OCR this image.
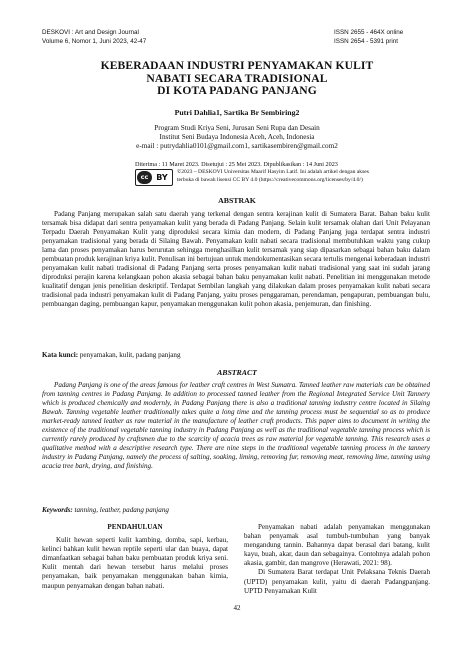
DESKOVI : Art and Design Journal
Volume 6, Nomor 1, Juni 2023, 42-47
ISSN 2655 - 464X online
ISSN 2654 - 5391 print
KEBERADAAN INDUSTRI PENYAMAKAN KULIT
NABATI SECARA TRADISIONAL
DI KOTA PADANG PANJANG
Putri Dahlia1, Sartika Br Sembiring2
Program Studi Kriya Seni, Jurusan Seni Rupa dan Desain
Institut Seni Budaya Indonesia Aceh, Aceh, Indonesia
e-mail : putrydahlia0101@gmail.com1, sartikasembiren@gmail.com2
Diterima : 11 Maret 2023. Disetujui : 25 Mei 2023. Dipublikasikan : 14 Juni 2023
cc BY
©2023 – DESKOVI Universitas Maarif Hasyim Latif. Ini adalah artikel dengan akses
terbuka di bawah lisensi CC BY 4.0 (https://creativecommons.org/licenses/by/4.0/)
ABSTRAK

Padang Panjang merupakan salah satu daerah yang terkenal dengan sentra kerajinan kulit di Sumatera Barat. Bahan baku kulit tersamak bisa didapat dari sentra penyamakan kulit yang berada di Padang Panjang. Selain kulit tersamak olahan dari Unit Pelayanan Terpadu Daerah Penyamakan Kulit yang diproduksi secara kimia dan modern, di Padang Panjang juga terdapat sentra industri penyamakan tradisional yang berada di Silaing Bawah. Penyamakan kulit nabati secara tradisional membutuhkan waktu yang cukup lama dan proses penyamakan harus berurutan sehingga menghasilkan kulit tersamak yang siap dipasarkan sebagai bahan baku dalam pembuatan produk kerajinan kriya kulit. Penulisan ini bertujuan untuk mendokumentasikan secara tertulis mengenai keberadaan industri penyamakan kulit nabati tradisional di Padang Panjang serta proses penyamakan kulit nabati tradisional yang saat ini sudah jarang diproduksi perajin karena kelangkaan pohon akasia sebagai bahan baku penyamakan kulit nabati. Penelitian ini menggunakan metode kualitatif dengan jenis penelitian deskriptif. Terdapat Sembilan langkah yang dilakukan dalam proses penyamakan kulit nabati secara tradisional pada industri penyamakan kulit di Padang Panjang, yaitu proses penggaraman, perendaman, pengapuran, pembuangan bulu, pembuangan daging, pembuangan kapur, penyamakan menggunakan kulit pohon akasia, penjemuran, dan finishing.

Kata kunci: penyamakan, kulit, padang panjang
ABSTRACT

Padang Panjang is one of the areas famous for leather craft centres in West Sumatra. Tanned leather raw materials can be obtained from tanning centres in Padang Panjang. In addition to processed tanned leather from the Regional Integrated Service Unit Tannery which is produced chemically and modernly, in Padang Panjang there is also a traditional tanning industry centre located in Silaing Bawah. Tanning vegetable leather traditionally takes quite a long time and the tanning process must be sequential so as to produce market-ready tanned leather as raw material in the manufacture of leather craft products. This paper aims to document in writing the existence of the traditional vegetable tanning industry in Padang Panjang as well as the traditional vegetable tanning process which is currently rarely produced by craftsmen due to the scarcity of acacia trees as raw material for vegetable tanning. This research uses a qualitative method with a descriptive research type. There are nine steps in the traditional vegetable tanning process in the tannery industry in Padang Panjang, namely the process of salting, soaking, liming, removing fur, removing meat, removing lime, tanning using acacia tree bark, drying, and finishing.

Keywords: tanning, leather, padang panjang

PENDAHULUAN

Kulit hewan seperti kulit kambing, domba, sapi, kerbau, kelinci bahkan kulit hewan reptile seperti ular dan buaya, dapat dimanfaatkan sebagai bahan baku pembuatan produk kriya seni. Kulit mentah dari hewan tersebut harus melalui proses penyamakan, baik penyamakan menggunakan bahan kimia, maupun penyamakan dengan bahan nabati.

Penyamakan nabati adalah penyamakan menggunakan bahan penyamak asal tumbuh-tumbuhan yang banyak mengandung tannin. Bahannya dapat berasal dari batang, kulit kayu, buah, akar, daun dan sebagainya. Contohnya adalah pohon akasia, gambir, dan mangrove (Herawati, 2021: 98).

Di Sumatera Barat terdapat Unit Pelaksana Teknis Daerah (UPTD) penyamakan kulit, yaitu di daerah Padangpanjang. UPTD Penyamakan Kulit

42
